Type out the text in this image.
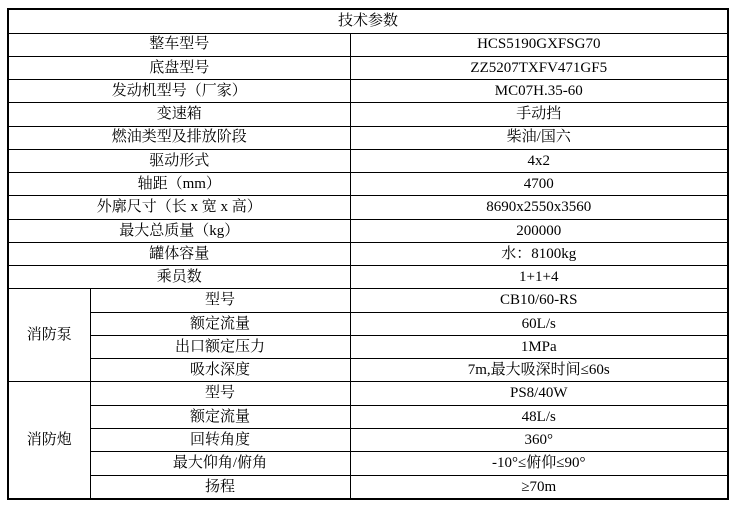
技术参数		
整车型号		HCS5190GXFSG70
底盘型号		ZZ5207TXFV471GF5
发动机型号（厂家）		MC07H.35-60
变速箱		手动挡
燃油类型及排放阶段		柴油/国六
驱动形式		4x2
轴距（mm）		4700
外廓尺寸（长 x 宽 x 高）		8690x2550x3560
最大总质量（kg）		200000
罐体容量		水：8100kg
乘员数		1+1+4
消防泵	型号	CB10/60-RS
	额定流量	60L/s
	出口额定压力	1MPa
	吸水深度	7m,最大吸深时间≤60s
消防炮	型号	PS8/40W
	额定流量	48L/s
	回转角度	360°
	最大仰角/俯角	-10°≤俯仰≤90°
	扬程	≥70m
